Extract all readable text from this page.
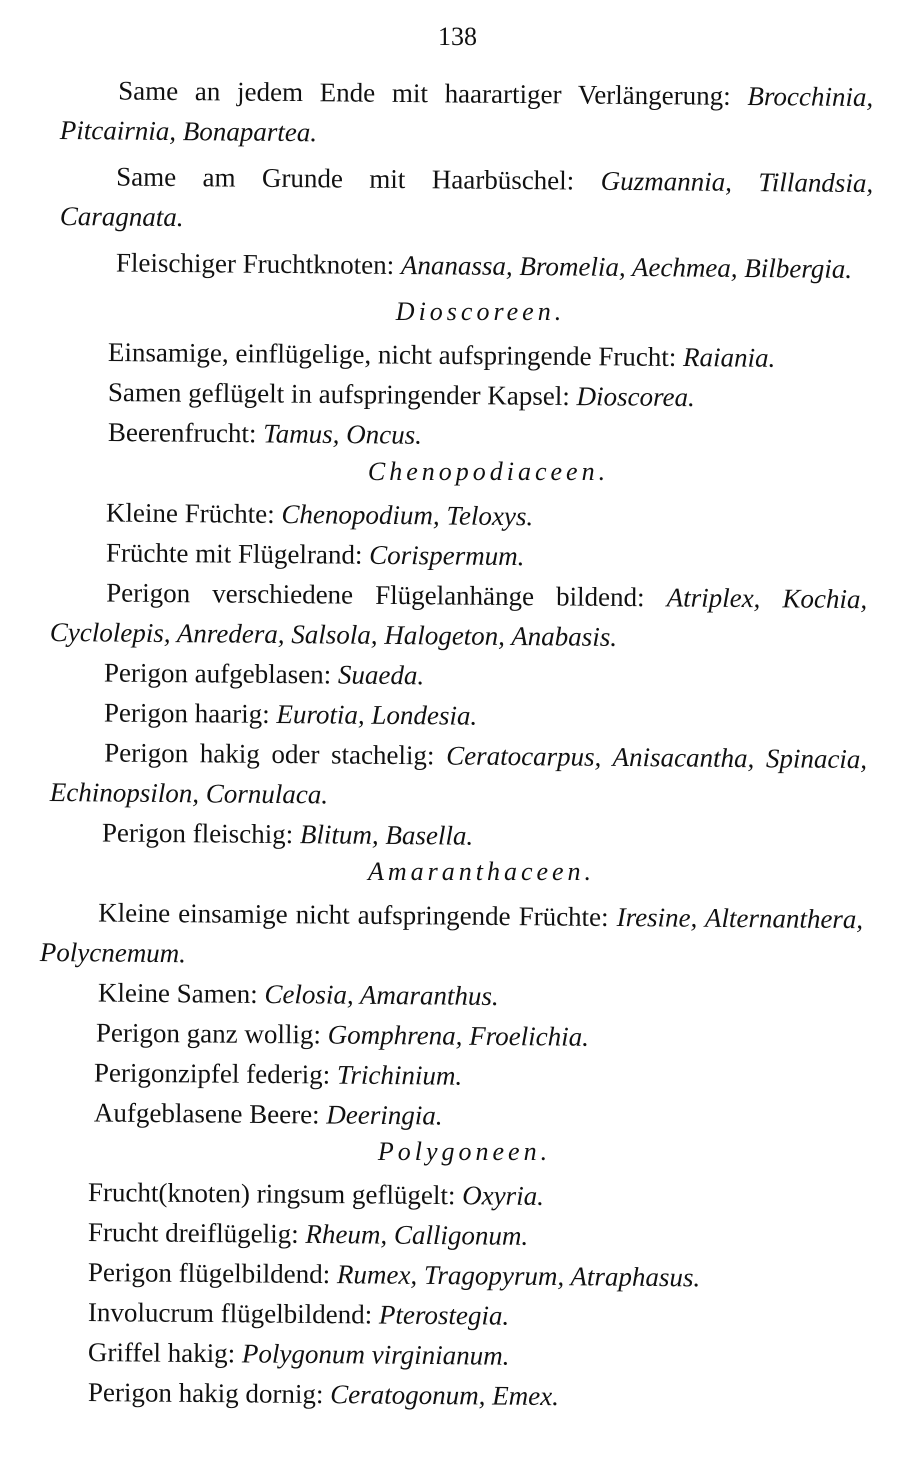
138

Same an jedem Ende mit haarartiger Verlängerung: Brocchinia, Pitcairnia, Bonapartea.

Same am Grunde mit Haarbüschel: Guzmannia, Tillandsia, Caragnata.

Fleischiger Fruchtknoten: Ananassa, Bromelia, Aechmea, Bilbergia.

Dioscoreen.

Einsamige, einflügelige, nicht aufspringende Frucht: Raiania.

Samen geflügelt in aufspringender Kapsel: Dioscorea.

Beerenfrucht: Tamus, Oncus.

Chenopodiaceen.

Kleine Früchte: Chenopodium, Teloxys.

Früchte mit Flügelrand: Corispermum.

Perigon verschiedene Flügelanhänge bildend: Atriplex, Kochia, Cyclolepis, Anredera, Salsola, Halogeton, Anabasis.

Perigon aufgeblasen: Suaeda.

Perigon haarig: Eurotia, Londesia.

Perigon hakig oder stachelig: Ceratocarpus, Anisacantha, Spinacia, Echinopsilon, Cornulaca.

Perigon fleischig: Blitum, Basella.

Amaranthaceen.

Kleine einsamige nicht aufspringende Früchte: Iresine, Alternanthera, Polycnemum.

Kleine Samen: Celosia, Amaranthus.

Perigon ganz wollig: Gomphrena, Froelichia.

Perigonzipfel federig: Trichinium.

Aufgeblasene Beere: Deeringia.

Polygoneen.

Frucht(knoten) ringsum geflügelt: Oxyria.

Frucht dreiflügelig: Rheum, Calligonum.

Perigon flügelbildend: Rumex, Tragopyrum, Atraphasus.

Involucrum flügelbildend: Pterostegia.

Griffel hakig: Polygonum virginianum.

Perigon hakig dornig: Ceratogonum, Emex.
